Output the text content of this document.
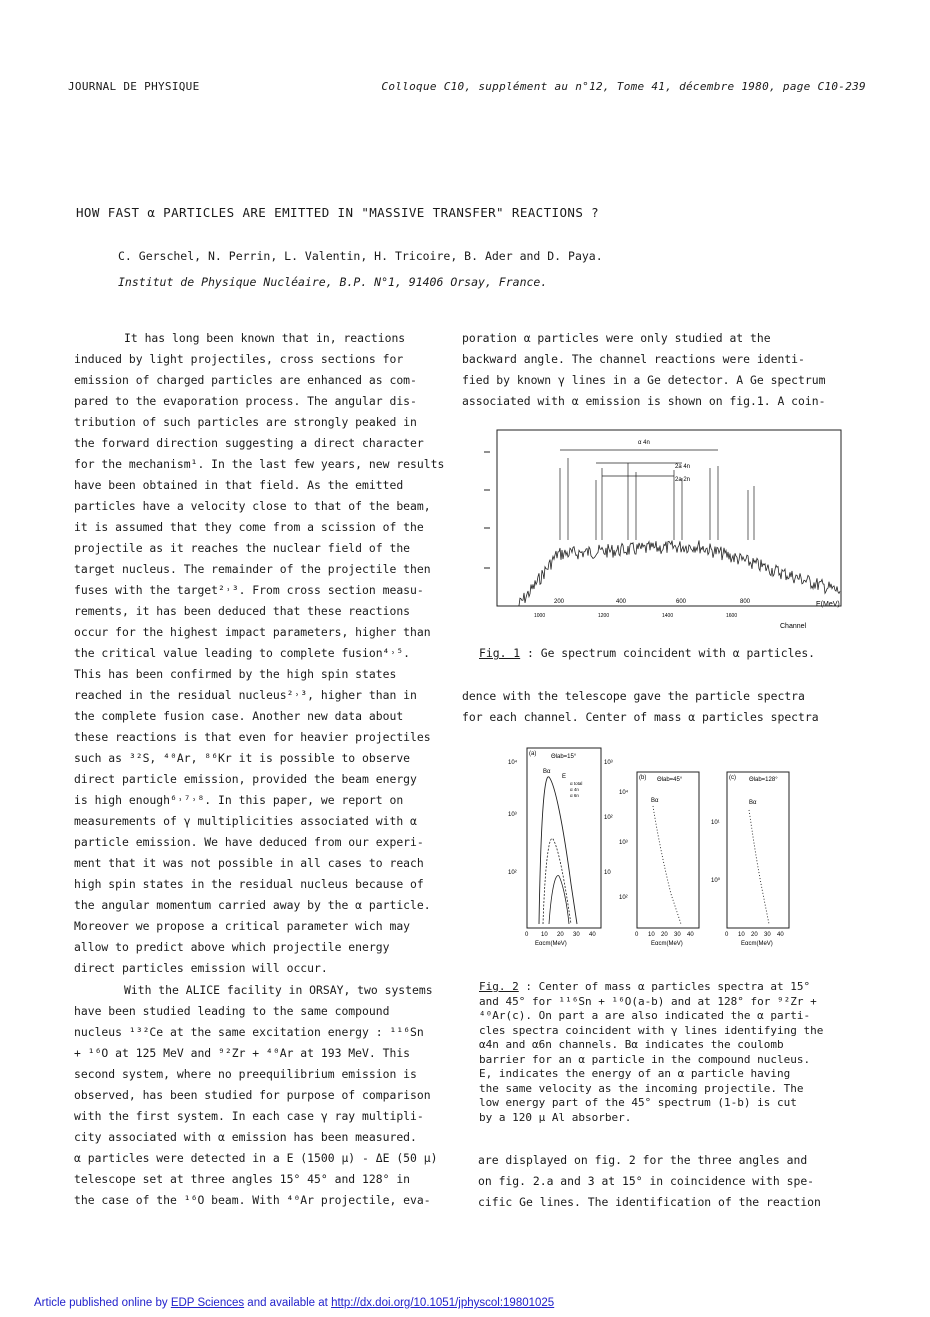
JOURNAL DE PHYSIQUE	Colloque C10, supplément au n°12, Tome 41, décembre 1980, page C10-239
HOW FAST α PARTICLES ARE EMITTED IN "MASSIVE TRANSFER" REACTIONS ?
C. Gerschel, N. Perrin, L. Valentin, H. Tricoire, B. Ader and D. Paya.
Institut de Physique Nucléaire, B.P. N°1, 91406 Orsay, France.
It has long been known that in, reactions
induced by light projectiles, cross sections for
emission of charged particles are enhanced as com-
pared to the evaporation process. The angular dis-
tribution of such particles are strongly peaked in
the forward direction suggesting a direct character
for the mechanism¹. In the last few years, new results
have been obtained in that field. As the emitted
particles have a velocity close to that of the beam,
it is assumed that they come from a scission of the
projectile as it reaches the nuclear field of the
target nucleus. The remainder of the projectile then
fuses with the target²˒³. From cross section measu-
rements, it has been deduced that these reactions
occur for the highest impact parameters, higher than
the critical value leading to complete fusion⁴˒⁵.
This has been confirmed by the high spin states
reached in the residual nucleus²˒³, higher than in
the complete fusion case. Another new data about
these reactions is that even for heavier projectiles
such as ³²S, ⁴⁰Ar, ⁸⁶Kr it is possible to observe
direct particle emission, provided the beam energy
is high enough⁶˒⁷˒⁸. In this paper, we report on
measurements of γ multiplicities associated with α
particle emission. We have deduced from our experi-
ment that it was not possible in all cases to reach
high spin states in the residual nucleus because of
the angular momentum carried away by the α particle.
Moreover we propose a critical parameter wich may
allow to predict above which projectile energy
direct particles emission will occur.
With the ALICE facility in ORSAY, two systems
have been studied leading to the same compound
nucleus ¹³²Ce at the same excitation energy : ¹¹⁶Sn
+ ¹⁶O at 125 MeV and ⁹²Zr + ⁴⁰Ar at 193 MeV. This
second system, where no preequilibrium emission is
observed, has been studied for purpose of comparison
with the first system. In each case γ ray multipli-
city associated with α emission has been measured.
α particles were detected in a E (1500 μ) - ΔE (50 μ)
telescope set at three angles 15° 45° and 128° in
the case of the ¹⁶O beam. With ⁴⁰Ar projectile, eva-
poration α particles were only studied at the
backward angle. The channel reactions were identi-
fied by known γ lines in a Ge detector. A Ge spectrum
associated with α emission is shown on fig.1. A coin-
α 4n
2a 4n
2a 2n
E(MeV)
200	400	600	800
1000	1200	1400	1600
Channel
Fig. 1 : Ge spectrum coincident with α particles.
dence with the telescope gave the particle spectra
for each channel. Center of mass α particles spectra
(a) Θlab=15°
10⁴
10³
10²
10³
10²
10
Bα
E
α total
α 4n
α 6n
0 10 20 30 40
Eαcm(MeV)
(b) Θlab=45°
10⁴
10³
10²
Bα
0 10 20 30 40
Eαcm(MeV)
(c) Θlab=128°
10¹
10⁰
Bα
0 10 20 30 40
Eαcm(MeV)
Fig. 2 : Center of mass α particles spectra at 15°
and 45° for ¹¹⁶Sn + ¹⁶O(a-b) and at 128° for ⁹²Zr +
⁴⁰Ar(c). On part a are also indicated the α parti-
cles spectra coincident with γ lines identifying the
α4n and α6n channels. Bα indicates the coulomb
barrier for an α particle in the compound nucleus.
E, indicates the energy of an α particle having
the same velocity as the incoming projectile. The
low energy part of the 45° spectrum (1-b) is cut
by a 120 μ Al absorber.
are displayed on fig. 2 for the three angles and
on fig. 2.a and 3 at 15° in coincidence with spe-
cific Ge lines. The identification of the reaction
Article published online by EDP Sciences and available at http://dx.doi.org/10.1051/jphyscol:19801025
